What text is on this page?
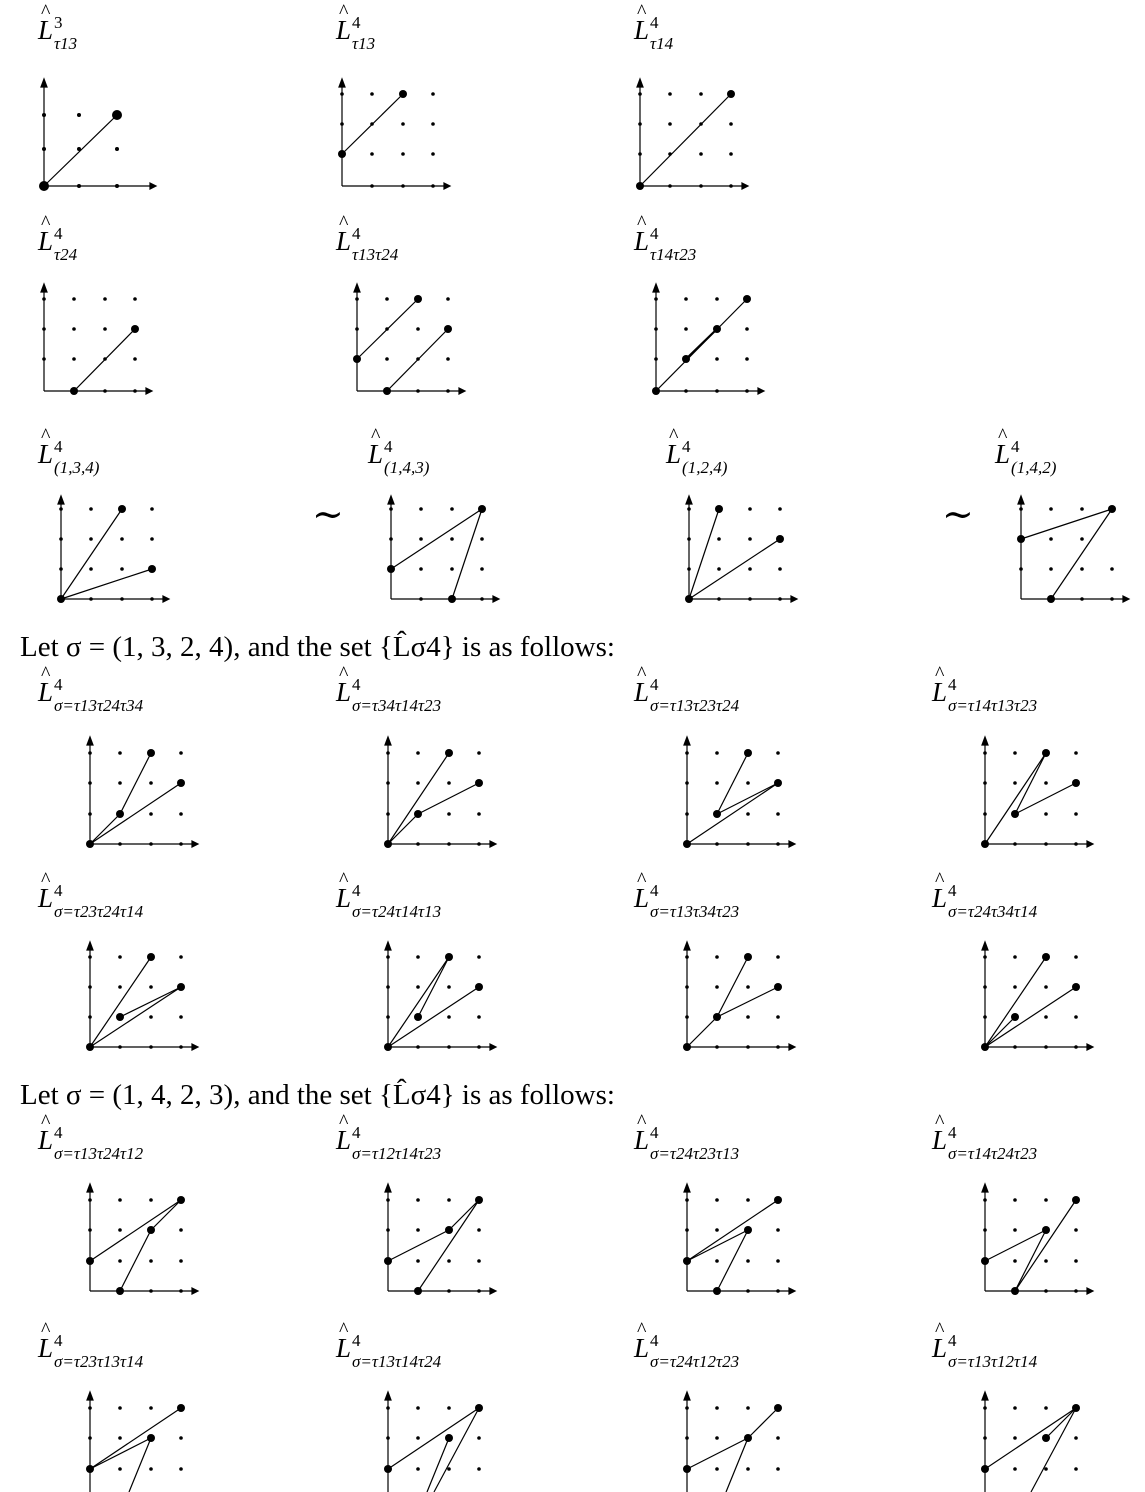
^ L 3
τ13	^ L 4
τ13	^ L 4
τ14
^ L 4
τ24	^ L 4
τ13τ24	^ L 4
τ14τ23
^ L 4
(1,3,4)	^ L 4
(1,4,3)	^ L 4
(1,2,4)	^ L 4
(1,4,2)
∼	∼
Let σ = (1, 3, 2, 4), and the set {L̂σ4} is as follows:
^ L 4
σ=τ13τ24τ34	^ L 4
σ=τ34τ14τ23	^ L 4
σ=τ13τ23τ24	^ L 4
σ=τ14τ13τ23
^ L 4
σ=τ23τ24τ14	^ L 4
σ=τ24τ14τ13	^ L 4
σ=τ13τ34τ23	^ L 4
σ=τ24τ34τ14
Let σ = (1, 4, 2, 3), and the set {L̂σ4} is as follows:
^ L 4
σ=τ13τ24τ12	^ L 4
σ=τ12τ14τ23	^ L 4
σ=τ24τ23τ13	^ L 4
σ=τ14τ24τ23
^ L 4
σ=τ23τ13τ14	^ L 4
σ=τ13τ14τ24	^ L 4
σ=τ24τ12τ23	^ L 4
σ=τ13τ12τ14
